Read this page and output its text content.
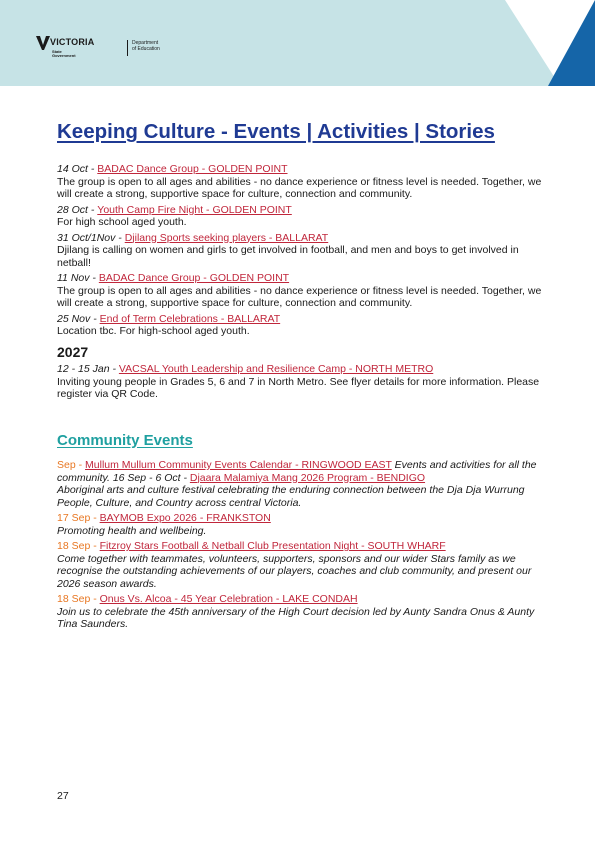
VICTORIA
State Government
Department
of Education
Keeping Culture - Events | Activities | Stories
14 Oct - BADAC Dance Group - GOLDEN POINT
The group is open to all ages and abilities - no dance experience or fitness level is needed. Together, we will create a strong, supportive space for culture, connection and community.
28 Oct - Youth Camp Fire Night - GOLDEN POINT
For high school aged youth.
31 Oct/1Nov - Djilang Sports seeking players - BALLARAT
Djilang is calling on women and girls to get involved in football, and men and boys to get involved in netball!
11 Nov - BADAC Dance Group - GOLDEN POINT
The group is open to all ages and abilities - no dance experience or fitness level is needed. Together, we will create a strong, supportive space for culture, connection and community.
25 Nov - End of Term Celebrations - BALLARAT
Location tbc. For high-school aged youth.
2027
12 - 15 Jan - VACSAL Youth Leadership and Resilience Camp - NORTH METRO
Inviting young people in Grades 5, 6 and 7 in North Metro. See flyer details for more information. Please register via QR Code.
Community Events
Sep - Mullum Mullum Community Events Calendar - RINGWOOD EAST Events and activities for all the community. 16 Sep - 6 Oct - Djaara Malamiya Mang 2026 Program - BENDIGO
Aboriginal arts and culture festival celebrating the enduring connection between the Dja Dja Wurrung People, Culture, and Country across central Victoria.
17 Sep - BAYMOB Expo 2026 - FRANKSTON
Promoting health and wellbeing.
18 Sep - Fitzroy Stars Football & Netball Club Presentation Night - SOUTH WHARF
Come together with teammates, volunteers, supporters, sponsors and our wider Stars family as we recognise the outstanding achievements of our players, coaches and club community, and present our 2026 season awards.
18 Sep - Onus Vs. Alcoa - 45 Year Celebration - LAKE CONDAH
Join us to celebrate the 45th anniversary of the High Court decision led by Aunty Sandra Onus & Aunty Tina Saunders.
27
